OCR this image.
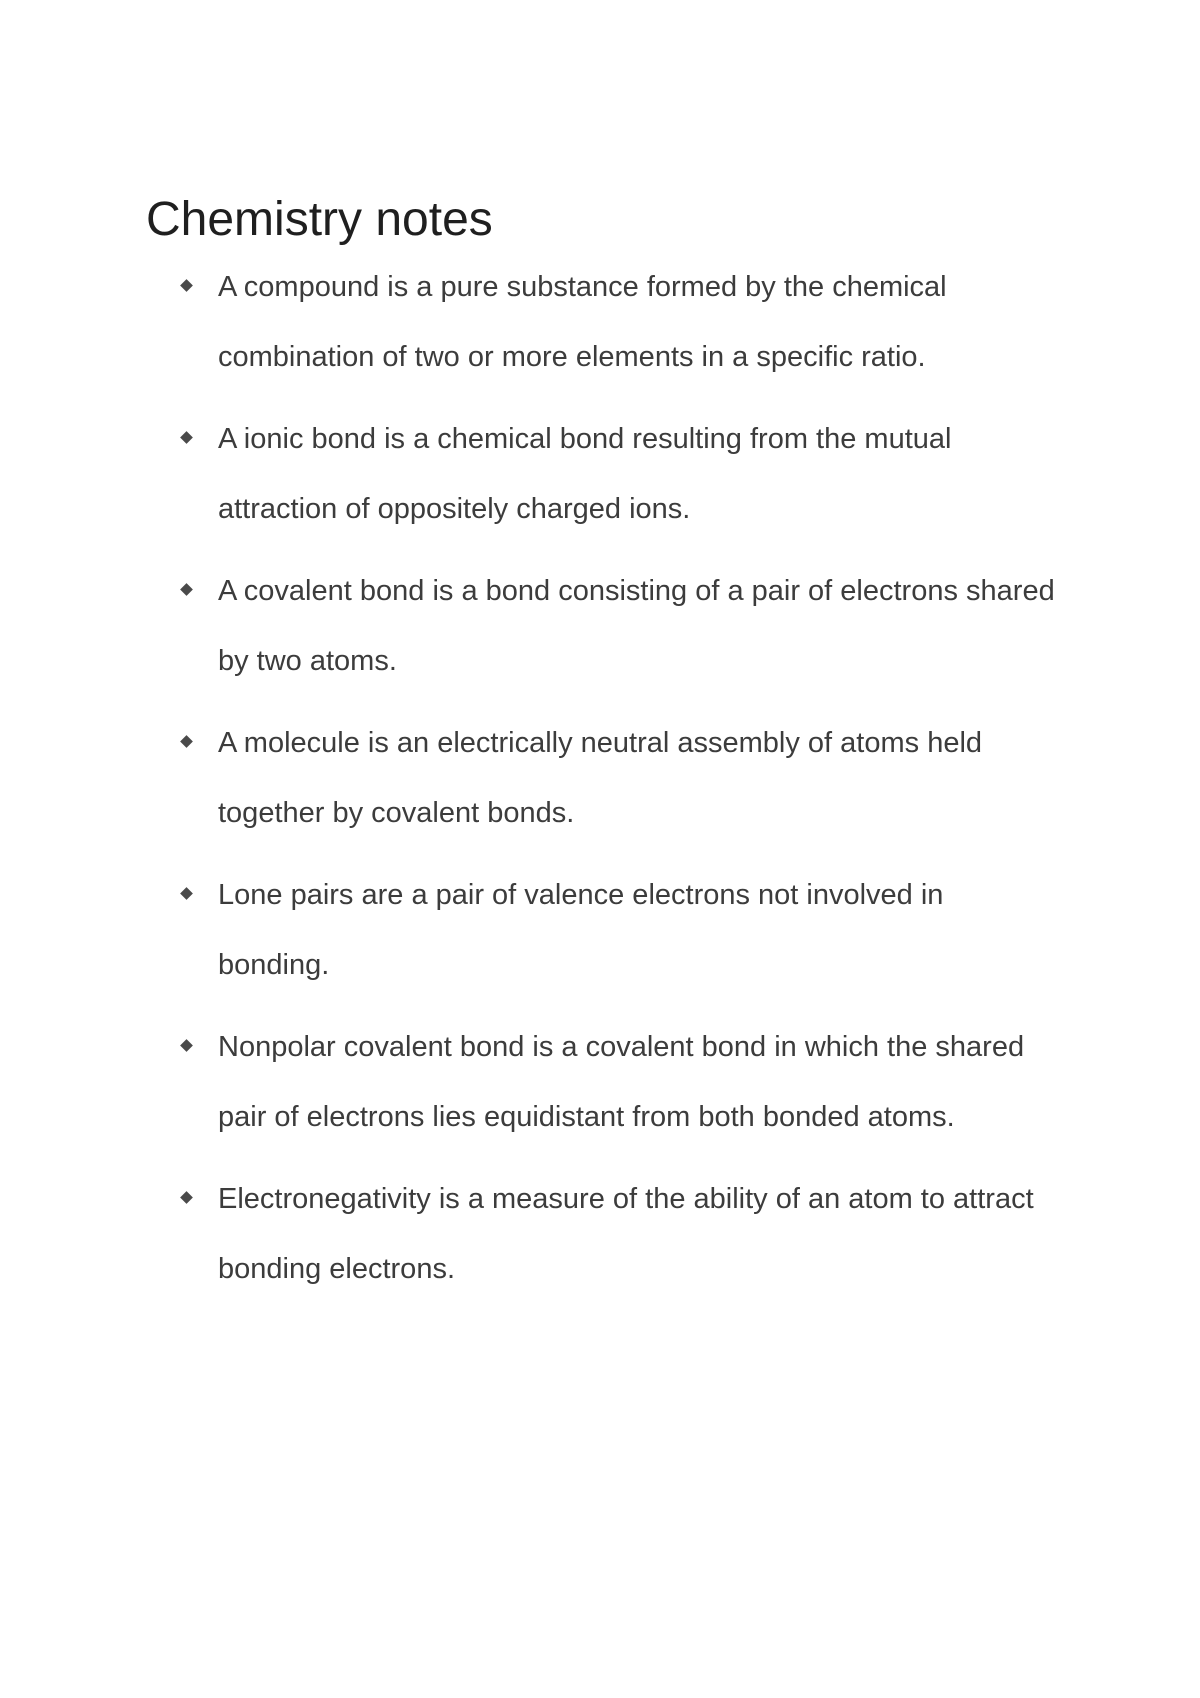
Chemistry notes
A compound is a pure substance formed by the chemical combination of two or more elements in a specific ratio.
A ionic bond is a chemical bond resulting from the mutual attraction of oppositely charged ions.
A covalent bond is a bond consisting of a pair of electrons shared by two atoms.
A molecule is an electrically neutral assembly of atoms held together by covalent bonds.
Lone pairs are a pair of valence electrons not involved in bonding.
Nonpolar covalent bond is a covalent bond in which the shared pair of electrons lies equidistant from both bonded atoms.
Electronegativity is a measure of the ability of an atom to attract bonding electrons.
